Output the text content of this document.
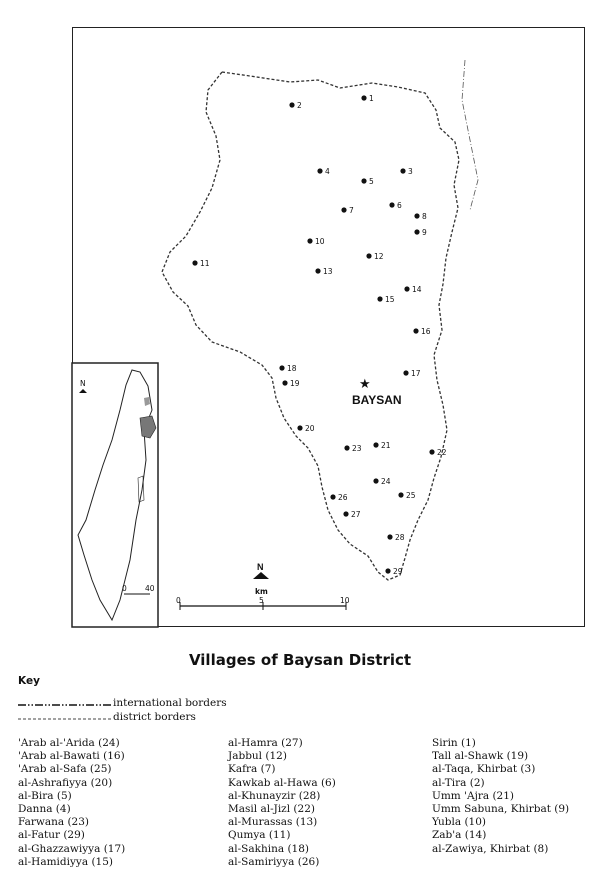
N
0 40
1
2
3
4
5
6
7
8
9
10
11
12
13
14
15
16
17
18
19
20
21
22
23
24
25
26
27
28
29
★
BAYSAN
N
km
0	5	10
Villages of Baysan District
Key
international borders
district borders
'Arab al-'Arida (24)
'Arab al-Bawati (16)
'Arab al-Safa (25)
al-Ashrafiyya (20)
al-Bira (5)
Danna (4)
Farwana (23)
al-Fatur (29)
al-Ghazzawiyya (17)
al-Hamidiyya (15)
al-Hamra (27)
Jabbul (12)
Kafra (7)
Kawkab al-Hawa (6)
al-Khunayzir (28)
Masil al-Jizl (22)
al-Murassas (13)
Qumya (11)
al-Sakhina (18)
al-Samiriyya (26)
Sirin (1)
Tall al-Shawk (19)
al-Taqa, Khirbat (3)
al-Tira (2)
Umm 'Ajra (21)
Umm Sabuna, Khirbat (9)
Yubla (10)
Zab'a (14)
al-Zawiya, Khirbat (8)
